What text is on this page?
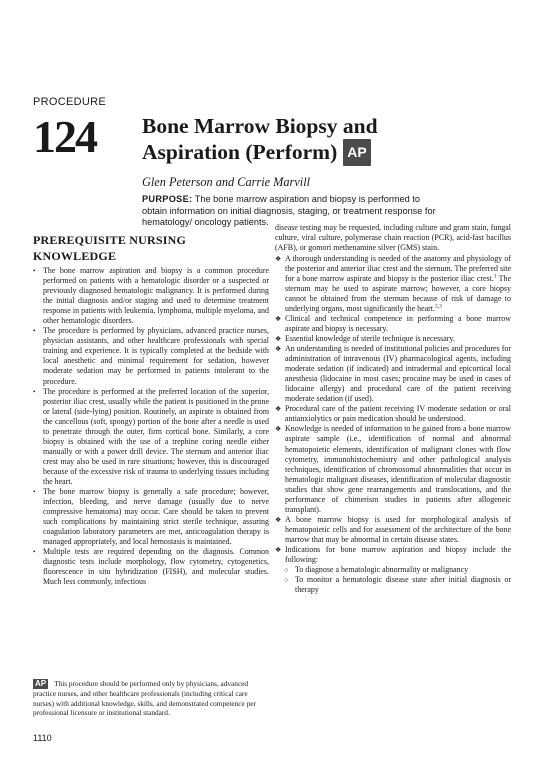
PROCEDURE
124 Bone Marrow Biopsy and Aspiration (Perform) AP
Glen Peterson and Carrie Marvill
PURPOSE: The bone marrow aspiration and biopsy is performed to obtain information on initial diagnosis, staging, or treatment response for hematology/ oncology patients.
PREREQUISITE NURSING KNOWLEDGE

• The bone marrow aspiration and biopsy is a common procedure performed on patients with a hematologic disorder or a suspected or previously diagnosed hematologic malignancy. It is performed during the initial diagnosis and/or staging and used to determine treatment response in patients with leukemia, lymphoma, multiple myeloma, and other hematologic disorders.

• The procedure is performed by physicians, advanced practice nurses, physician assistants, and other healthcare professionals with special training and experience. It is typically completed at the bedside with local anesthetic and minimal requirement for sedation, however moderate sedation may be performed in patients intolerant to the procedure.

• The procedure is performed at the preferred location of the superior, posterior iliac crest, usually while the patient is positioned in the prone or lateral (side-lying) position. Routinely, an aspirate is obtained from the cancellous (soft, spongy) portion of the bone after a needle is used to penetrate through the outer, firm cortical bone. Similarly, a core biopsy is obtained with the use of a trephine coring needle either manually or with a power drill device. The sternum and anterior iliac crest may also be used in rare situations; however, this is discouraged because of the excessive risk of trauma to underlying tissues including the heart.

• The bone marrow biopsy is generally a safe procedure; however, infection, bleeding, and nerve damage (usually due to nerve compressive hematoma) may occur. Care should be taken to prevent such complications by maintaining strict sterile technique, assuring coagulation laboratory parameters are met, anticoagulation therapy is managed appropriately, and local hemostasis is maintained.

• Multiple tests are required depending on the diagnosis. Common diagnostic tests include morphology, flow cytometry, cytogenetics, fluorescence in situ hybridization (FISH), and molecular studies. Much less commonly, infectious

disease testing may be requested, including culture and gram stain, fungal culture, viral culture, polymerase chain reaction (PCR), acid-fast bacillus (AFB), or gomori methenamine silver (GMS) stain.

❖ A thorough understanding is needed of the anatomy and physiology of the posterior and anterior iliac crest and the sternum. The preferred site for a bone marrow aspirate and biopsy is the posterior iliac crest.$^1$ The sternum may be used to aspirate marrow; however, a core biopsy cannot be obtained from the sternum because of risk of damage to underlying organs, most significantly the heart.$^{2,3}$

❖ Clinical and technical competence in performing a bone marrow aspirate and biopsy is necessary.

❖ Essential knowledge of sterile technique is necessary.

❖ An understanding is needed of institutional policies and procedures for administration of intravenous (IV) pharmacological agents, including moderate sedation (if indicated) and intradermal and epicortical local anesthesia (lidocaine in most cases; procaine may be used in cases of lidocaine allergy) and procedural care of the patient receiving moderate sedation (if used).

❖ Procedural care of the patient receiving IV moderate sedation or oral antianxiolytics or pain medication should be understood.

❖ Knowledge is needed of information to be gained from a bone marrow aspirate sample (i.e., identification of normal and abnormal hematopoietic elements, identification of malignant clones with flow cytometry, immunohistochemistry and other pathological analysis techniques, identification of chromosomal abnormalities that occur in hematologic malignant diseases, identification of molecular diagnostic studies that show gene rearrangements and translocations, and the performance of chimerism studies in patients after allogeneic transplant).

❖ A bone marrow biopsy is used for morphological analysis of hematopoietic cells and for assessment of the architecture of the bone marrow that may be abnormal in certain disease states.

❖ Indications for bone marrow aspiration and biopsy include the following:

○ To diagnose a hematologic abnormality or malignancy

○ To monitor a hematologic disease state after initial diagnosis or therapy

AP This procedure should be performed only by physicians, advanced practice nurses, and other healthcare professionals (including critical care nurses) with additional knowledge, skills, and demonstrated competence per professional licensure or institutional standard.
1110
